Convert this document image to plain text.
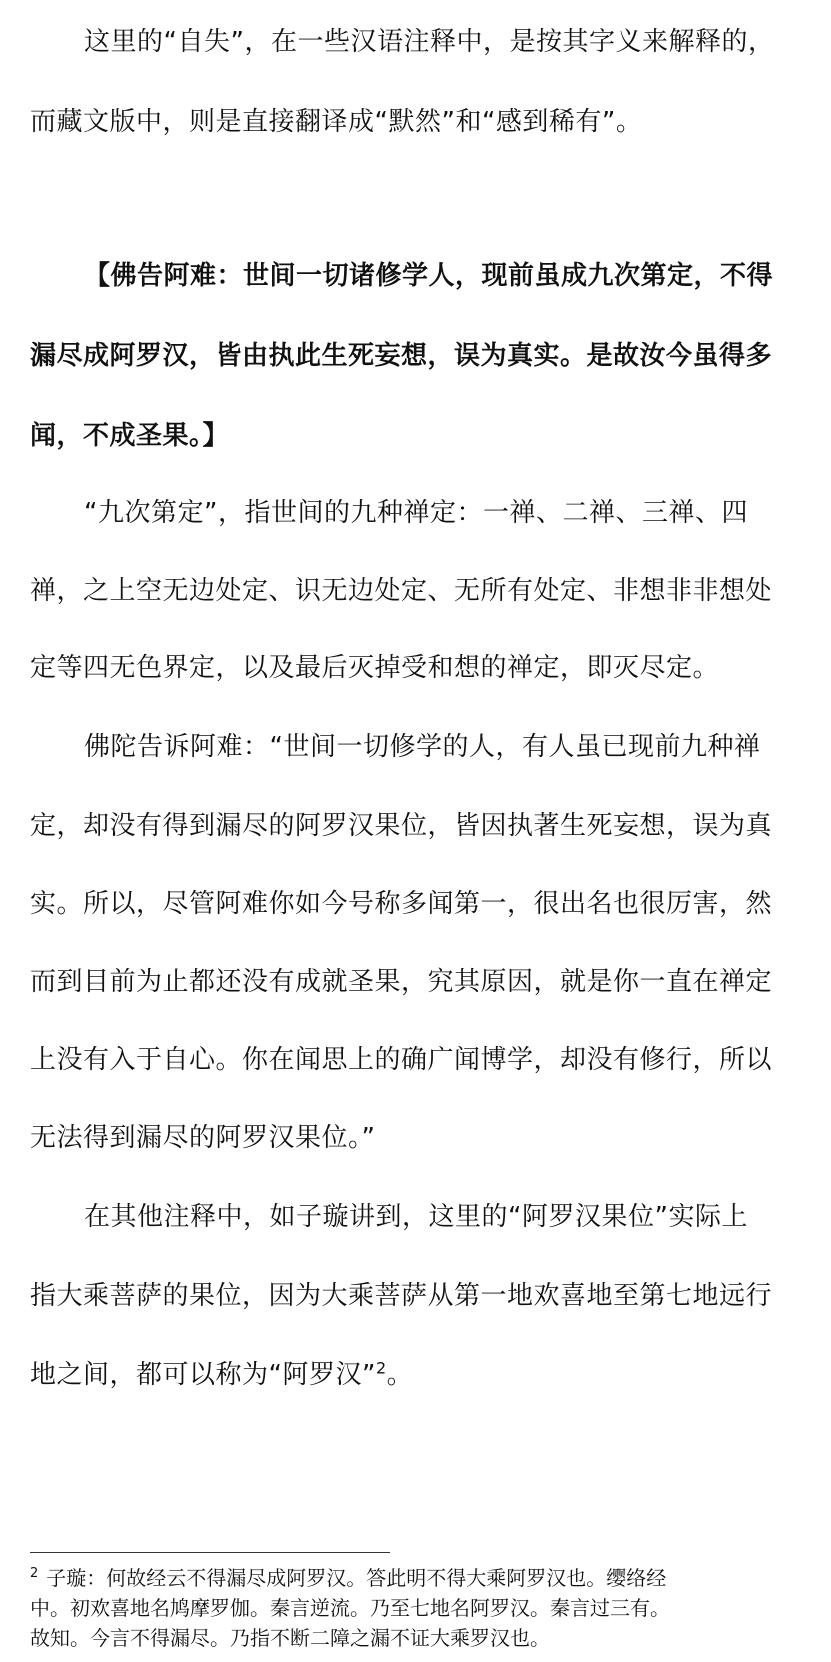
这里的“自失”，在一些汉语注释中，是按其字义来解释的，
而藏文版中，则是直接翻译成“默然”和“感到稀有”。
【佛告阿难：世间一切诸修学人，现前虽成九次第定，不得
漏尽成阿罗汉，皆由执此生死妄想，误为真实。是故汝今虽得多
闻，不成圣果。】
“九次第定”，指世间的九种禅定：一禅、二禅、三禅、四
禅，之上空无边处定、识无边处定、无所有处定、非想非非想处
定等四无色界定，以及最后灭掉受和想的禅定，即灭尽定。
佛陀告诉阿难：“世间一切修学的人，有人虽已现前九种禅
定，却没有得到漏尽的阿罗汉果位，皆因执著生死妄想，误为真
实。所以，尽管阿难你如今号称多闻第一，很出名也很厉害，然
而到目前为止都还没有成就圣果，究其原因，就是你一直在禅定
上没有入于自心。你在闻思上的确广闻博学，却没有修行，所以
无法得到漏尽的阿罗汉果位。”
在其他注释中，如子璇讲到，这里的“阿罗汉果位”实际上
指大乘菩萨的果位，因为大乘菩萨从第一地欢喜地至第七地远行
地之间，都可以称为“阿罗汉”$^2$。
$^2$ 子璇：何故经云不得漏尽成阿罗汉。答此明不得大乘阿罗汉也。缨络经
中。初欢喜地名鸠摩罗伽。秦言逆流。乃至七地名阿罗汉。秦言过三有。
故知。今言不得漏尽。乃指不断二障之漏不证大乘罗汉也。
